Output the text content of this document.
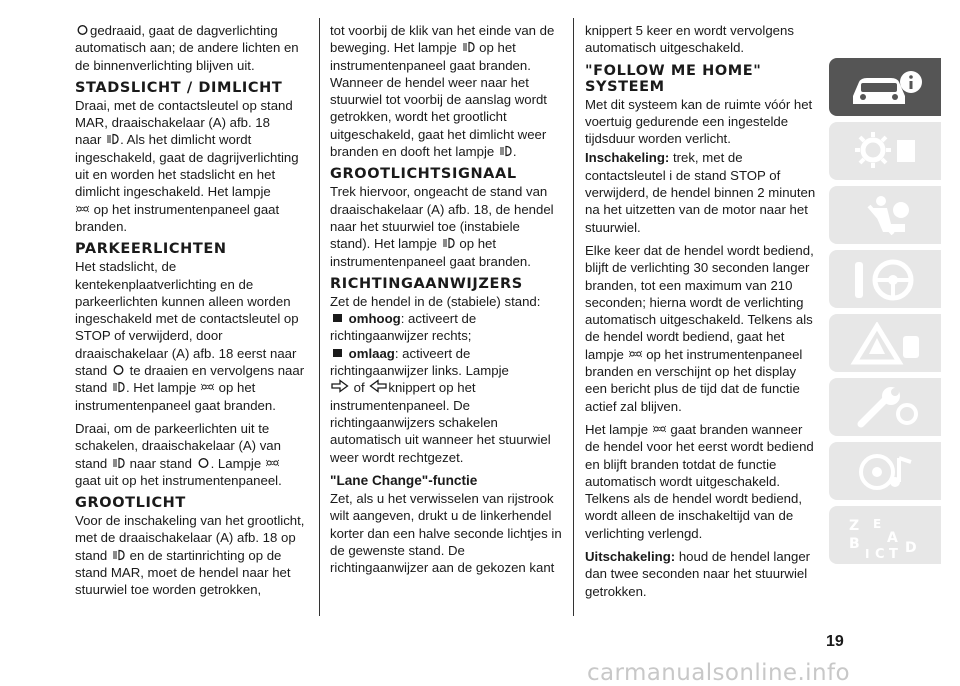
gedraaid, gaat de dagverlichting automatisch aan; de andere lichten en de binnenverlichting blijven uit.

STADSLICHT / DIMLICHT

Draai, met de contactsleutel op stand MAR, draaischakelaar (A) afb. 18
naar . Als het dimlicht wordt ingeschakeld, gaat de dagrijverlichting uit en worden het stadslicht en het dimlicht ingeschakeld. Het lampje

op het instrumentenpaneel gaat branden.

PARKEERLICHTEN

Het stadslicht, de kentekenplaatverlichting en de parkeerlichten kunnen alleen worden ingeschakeld met de contactsleutel op STOP of verwijderd, door draaischakelaar (A) afb. 18 eerst naar stand te draaien en vervolgens naar stand . Het lampje op het instrumentenpaneel gaat branden.

Draai, om de parkeerlichten uit te schakelen, draaischakelaar (A) van stand naar stand . Lampje
gaat uit op het instrumentenpaneel.

GROOTLICHT

Voor de inschakeling van het grootlicht, met de draaischakelaar (A) afb. 18 op stand en de startinrichting op de stand MAR, moet de hendel naar het stuurwiel toe worden getrokken,

tot voorbij de klik van het einde van de beweging. Het lampje op het instrumentenpaneel gaat branden. Wanneer de hendel weer naar het stuurwiel tot voorbij de aanslag wordt getrokken, wordt het grootlicht uitgeschakeld, gaat het dimlicht weer branden en dooft het lampje .

GROOTLICHTSIGNAAL

Trek hiervoor, ongeacht de stand van draaischakelaar (A) afb. 18, de hendel naar het stuurwiel toe (instabiele stand). Het lampje op het instrumentenpaneel gaat branden.

RICHTINGAANWIJZERS

Zet de hendel in de (stabiele) stand:

omhoog: activeert de richtingaanwijzer rechts;

omlaag: activeert de richtingaanwijzer links. Lampje

of knippert op het instrumentenpaneel. De richtingaanwijzers schakelen automatisch uit wanneer het stuurwiel weer wordt rechtgezet.

"Lane Change"-functie

Zet, als u het verwisselen van rijstrook wilt aangeven, drukt u de linkerhendel korter dan een halve seconde lichtjes in de gewenste stand. De richtingaanwijzer aan de gekozen kant

knippert 5 keer en wordt vervolgens automatisch uitgeschakeld.

"FOLLOW ME HOME" SYSTEEM

Met dit systeem kan de ruimte vóór het voertuig gedurende een ingestelde tijdsduur worden verlicht.

Inschakeling: trek, met de contactsleutel i de stand STOP of verwijderd, de hendel binnen 2 minuten na het uitzetten van de motor naar het stuurwiel.

Elke keer dat de hendel wordt bediend, blijft de verlichting 30 seconden langer branden, tot een maximum van 210 seconden; hierna wordt de verlichting automatisch uitgeschakeld. Telkens als de hendel wordt bediend, gaat het lampje op het instrumentenpaneel branden en verschijnt op het display een bericht plus de tijd dat de functie actief zal blijven.

Het lampje gaat branden wanneer de hendel voor het eerst wordt bediend en blijft branden totdat de functie automatisch wordt uitgeschakeld. Telkens als de hendel wordt bediend, wordt alleen de inschakeltijd van de verlichting verlengd.

Uitschakeling: houd de hendel langer dan twee seconden naar het stuurwiel getrokken.

Z E
B A
I C T D
19
carmanualsonline.info
